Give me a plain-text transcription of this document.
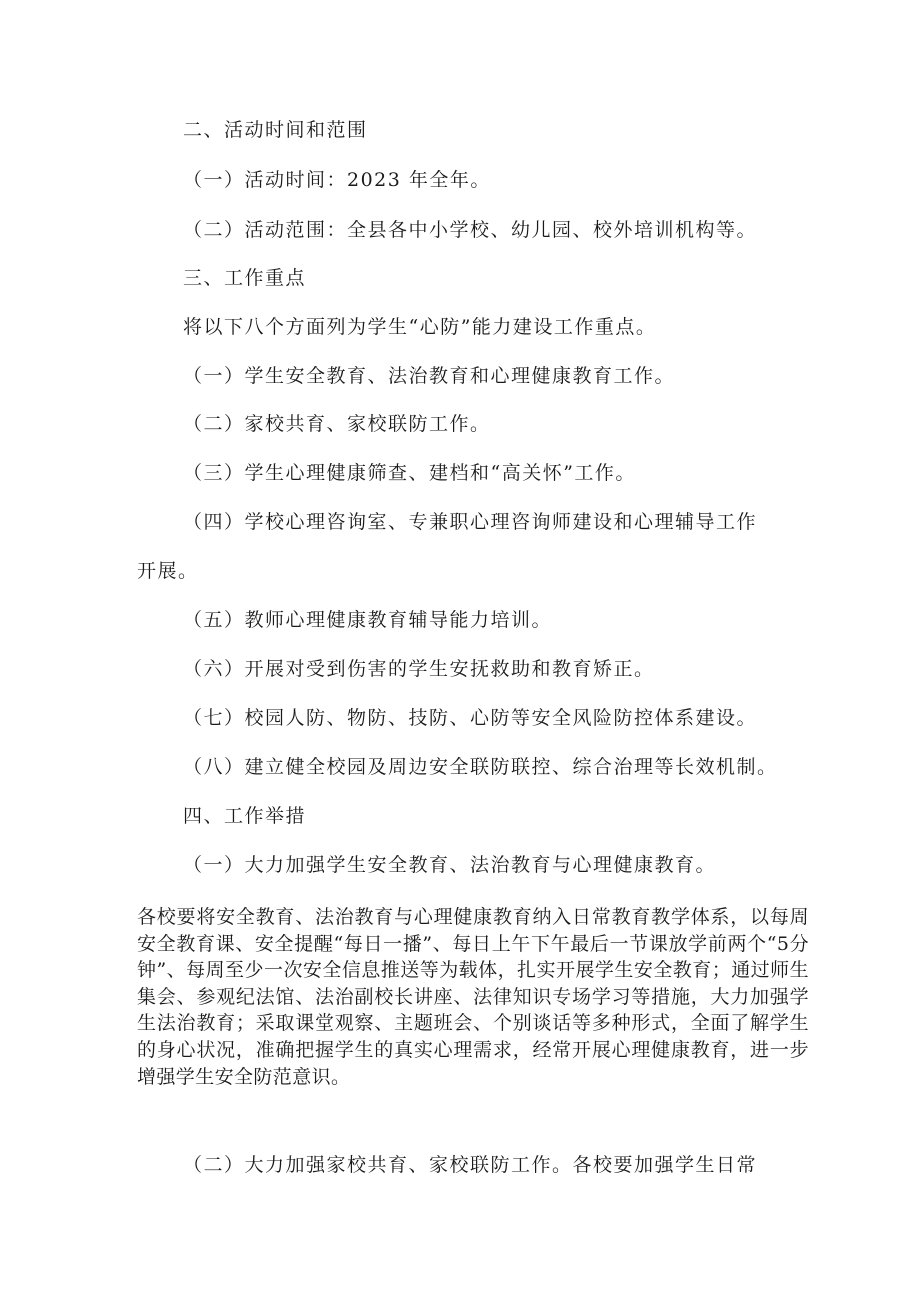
二、活动时间和范围
（一）活动时间：2023 年全年。
（二）活动范围：全县各中小学校、幼儿园、校外培训机构等。
三、工作重点
将以下八个方面列为学生“心防”能力建设工作重点。
（一）学生安全教育、法治教育和心理健康教育工作。
（二）家校共育、家校联防工作。
（三）学生心理健康筛查、建档和“高关怀”工作。
（四）学校心理咨询室、专兼职心理咨询师建设和心理辅导工作
开展。
（五）教师心理健康教育辅导能力培训。
（六）开展对受到伤害的学生安抚救助和教育矫正。
（七）校园人防、物防、技防、心防等安全风险防控体系建设。
（八）建立健全校园及周边安全联防联控、综合治理等长效机制。
四、工作举措
（一）大力加强学生安全教育、法治教育与心理健康教育。
各校要将安全教育、法治教育与心理健康教育纳入日常教育教学体系，以每周安全教育课、安全提醒“每日一播”、每日上午下午最后一节课放学前两个“5分钟”、每周至少一次安全信息推送等为载体，扎实开展学生安全教育；通过师生集会、参观纪法馆、法治副校长讲座、法律知识专场学习等措施，大力加强学生法治教育；采取课堂观察、主题班会、个别谈话等多种形式，全面了解学生的身心状况，准确把握学生的真实心理需求，经常开展心理健康教育，进一步增强学生安全防范意识。
（二）大力加强家校共育、家校联防工作。各校要加强学生日常
